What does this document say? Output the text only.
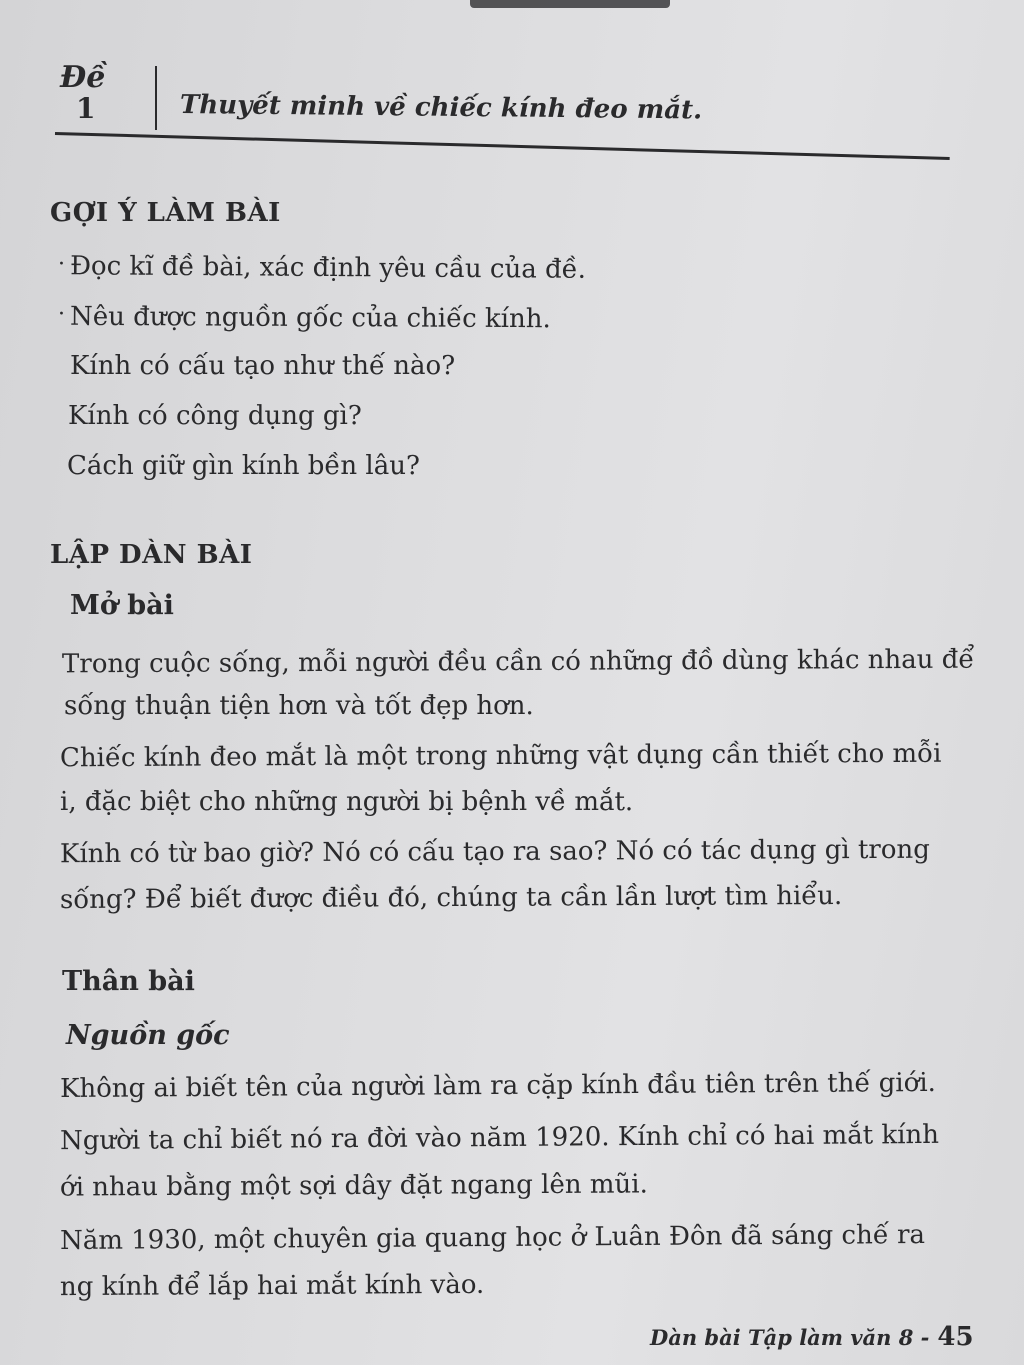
Đề
1	Thuyết minh về chiếc kính đeo mắt.
GỢI Ý LÀM BÀI
· Đọc kĩ đề bài, xác định yêu cầu của đề.
· Nêu được nguồn gốc của chiếc kính.
Kính có cấu tạo như thế nào?
Kính có công dụng gì?
Cách giữ gìn kính bền lâu?
LẬP DÀN BÀI
Mở bài
Trong cuộc sống, mỗi người đều cần có những đồ dùng khác nhau để
sống thuận tiện hơn và tốt đẹp hơn.
Chiếc kính đeo mắt là một trong những vật dụng cần thiết cho mỗi
i, đặc biệt cho những người bị bệnh về mắt.
Kính có từ bao giờ? Nó có cấu tạo ra sao? Nó có tác dụng gì trong
sống? Để biết được điều đó, chúng ta cần lần lượt tìm hiểu.
Thân bài
Nguồn gốc
Không ai biết tên của người làm ra cặp kính đầu tiên trên thế giới.
Người ta chỉ biết nó ra đời vào năm 1920. Kính chỉ có hai mắt kính
ới nhau bằng một sợi dây đặt ngang lên mũi.
Năm 1930, một chuyên gia quang học ở Luân Đôn đã sáng chế ra
ng kính để lắp hai mắt kính vào.
Dàn bài Tập làm văn 8 - 45
